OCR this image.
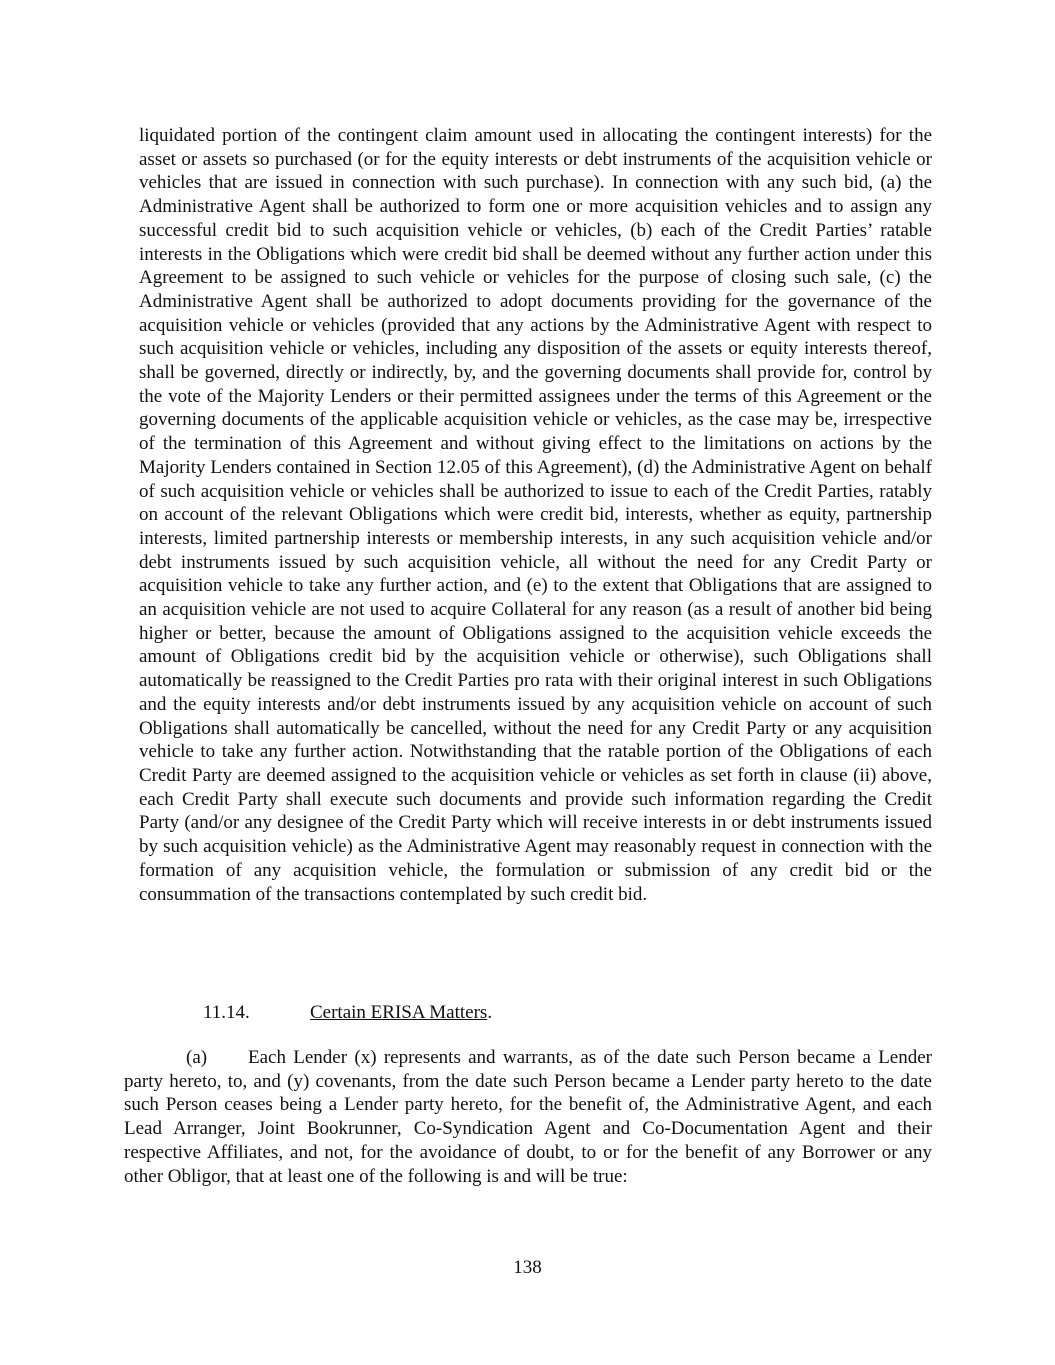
liquidated portion of the contingent claim amount used in allocating the contingent interests) for the asset or assets so purchased (or for the equity interests or debt instruments of the acquisition vehicle or vehicles that are issued in connection with such purchase). In connection with any such bid, (a) the Administrative Agent shall be authorized to form one or more acquisition vehicles and to assign any successful credit bid to such acquisition vehicle or vehicles, (b) each of the Credit Parties’ ratable interests in the Obligations which were credit bid shall be deemed without any further action under this Agreement to be assigned to such vehicle or vehicles for the purpose of closing such sale, (c) the Administrative Agent shall be authorized to adopt documents providing for the governance of the acquisition vehicle or vehicles (provided that any actions by the Administrative Agent with respect to such acquisition vehicle or vehicles, including any disposition of the assets or equity interests thereof, shall be governed, directly or indirectly, by, and the governing documents shall provide for, control by the vote of the Majority Lenders or their permitted assignees under the terms of this Agreement or the governing documents of the applicable acquisition vehicle or vehicles, as the case may be, irrespective of the termination of this Agreement and without giving effect to the limitations on actions by the Majority Lenders contained in Section 12.05 of this Agreement), (d) the Administrative Agent on behalf of such acquisition vehicle or vehicles shall be authorized to issue to each of the Credit Parties, ratably on account of the relevant Obligations which were credit bid, interests, whether as equity, partnership interests, limited partnership interests or membership interests, in any such acquisition vehicle and/or debt instruments issued by such acquisition vehicle, all without the need for any Credit Party or acquisition vehicle to take any further action, and (e) to the extent that Obligations that are assigned to an acquisition vehicle are not used to acquire Collateral for any reason (as a result of another bid being higher or better, because the amount of Obligations assigned to the acquisition vehicle exceeds the amount of Obligations credit bid by the acquisition vehicle or otherwise), such Obligations shall automatically be reassigned to the Credit Parties pro rata with their original interest in such Obligations and the equity interests and/or debt instruments issued by any acquisition vehicle on account of such Obligations shall automatically be cancelled, without the need for any Credit Party or any acquisition vehicle to take any further action. Notwithstanding that the ratable portion of the Obligations of each Credit Party are deemed assigned to the acquisition vehicle or vehicles as set forth in clause (ii) above, each Credit Party shall execute such documents and provide such information regarding the Credit Party (and/or any designee of the Credit Party which will receive interests in or debt instruments issued by such acquisition vehicle) as the Administrative Agent may reasonably request in connection with the formation of any acquisition vehicle, the formulation or submission of any credit bid or the consummation of the transactions contemplated by such credit bid.

11.14.	Certain ERISA Matters.

(a) Each Lender (x) represents and warrants, as of the date such Person became a Lender party hereto, to, and (y) covenants, from the date such Person became a Lender party hereto to the date such Person ceases being a Lender party hereto, for the benefit of, the Administrative Agent, and each Lead Arranger, Joint Bookrunner, Co-Syndication Agent and Co-Documentation Agent and their respective Affiliates, and not, for the avoidance of doubt, to or for the benefit of any Borrower or any other Obligor, that at least one of the following is and will be true:

138
